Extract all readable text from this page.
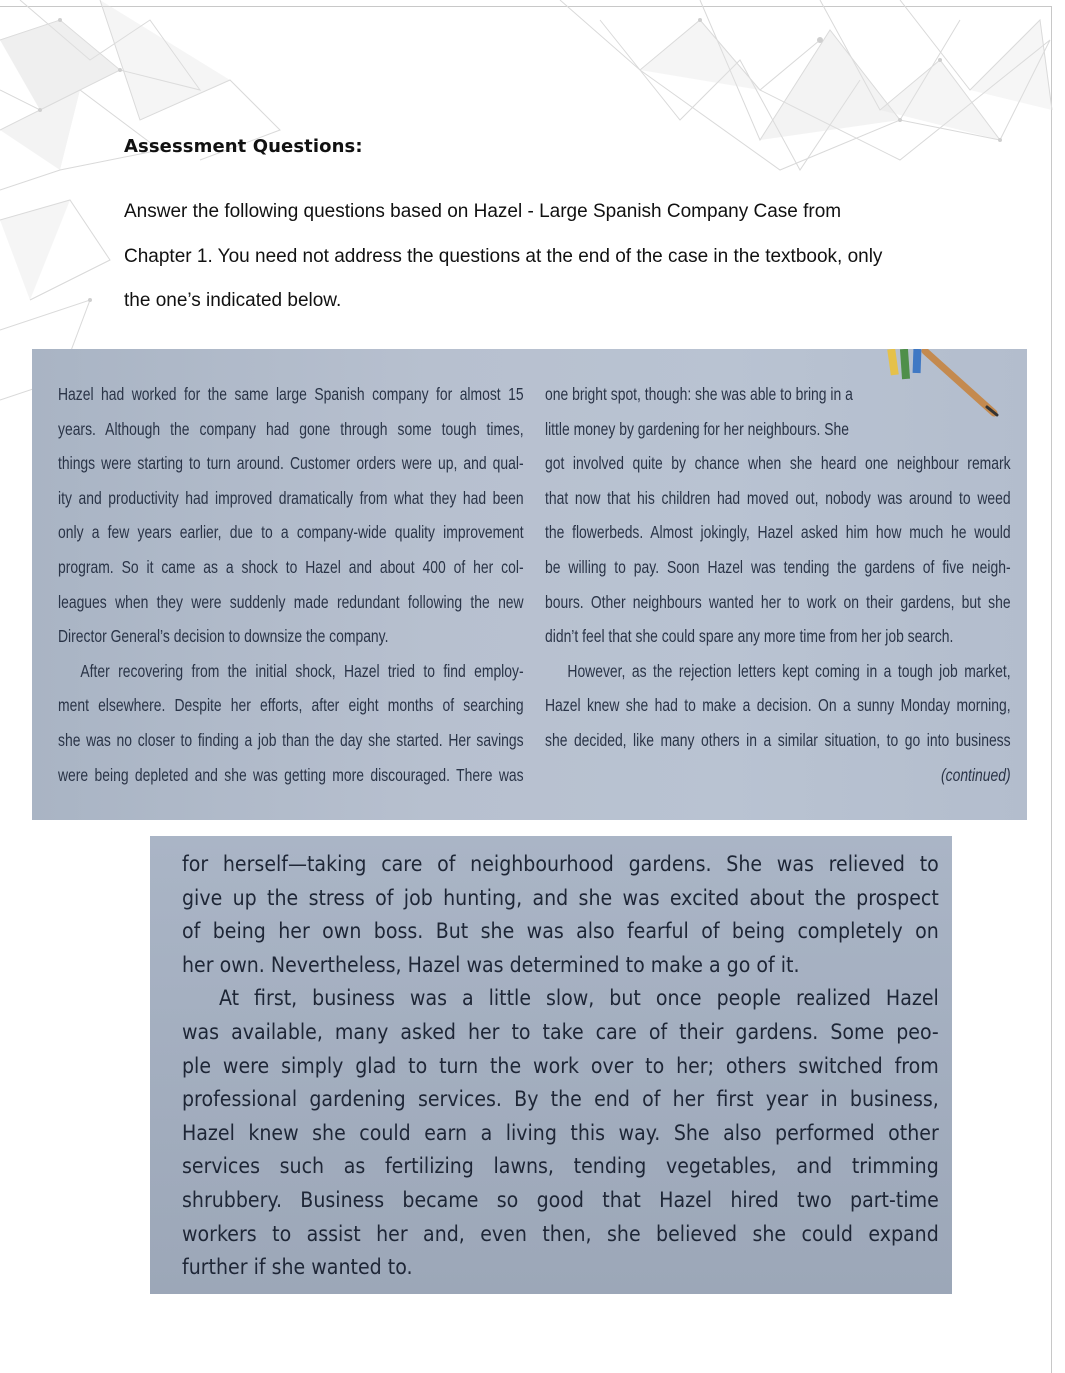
Assessment Questions:
Answer the following questions based on Hazel - Large Spanish Company Case from
Chapter 1. You need not address the questions at the end of the case in the textbook, only
the one’s indicated below.
Hazel had worked for the same large Spanish company for almost 15
years. Although the company had gone through some tough times,
things were starting to turn around. Customer orders were up, and qual-
ity and productivity had improved dramatically from what they had been
only a few years earlier, due to a company-wide quality improvement
program. So it came as a shock to Hazel and about 400 of her col-
leagues when they were suddenly made redundant following the new
Director General’s decision to downsize the company.
After recovering from the initial shock, Hazel tried to find employ-
ment elsewhere. Despite her efforts, after eight months of searching
she was no closer to finding a job than the day she started. Her savings
were being depleted and she was getting more discouraged. There was
one bright spot, though: she was able to bring in a
little money by gardening for her neighbours. She
got involved quite by chance when she heard one neighbour remark
that now that his children had moved out, nobody was around to weed
the flowerbeds. Almost jokingly, Hazel asked him how much he would
be willing to pay. Soon Hazel was tending the gardens of five neigh-
bours. Other neighbours wanted her to work on their gardens, but she
didn’t feel that she could spare any more time from her job search.
However, as the rejection letters kept coming in a tough job market,
Hazel knew she had to make a decision. On a sunny Monday morning,
she decided, like many others in a similar situation, to go into business
(continued)
for herself—taking care of neighbourhood gardens. She was relieved to
give up the stress of job hunting, and she was excited about the prospect
of being her own boss. But she was also fearful of being completely on
her own. Nevertheless, Hazel was determined to make a go of it.
At first, business was a little slow, but once people realized Hazel
was available, many asked her to take care of their gardens. Some peo-
ple were simply glad to turn the work over to her; others switched from
professional gardening services. By the end of her first year in business,
Hazel knew she could earn a living this way. She also performed other
services such as fertilizing lawns, tending vegetables, and trimming
shrubbery. Business became so good that Hazel hired two part-time
workers to assist her and, even then, she believed she could expand
further if she wanted to.
